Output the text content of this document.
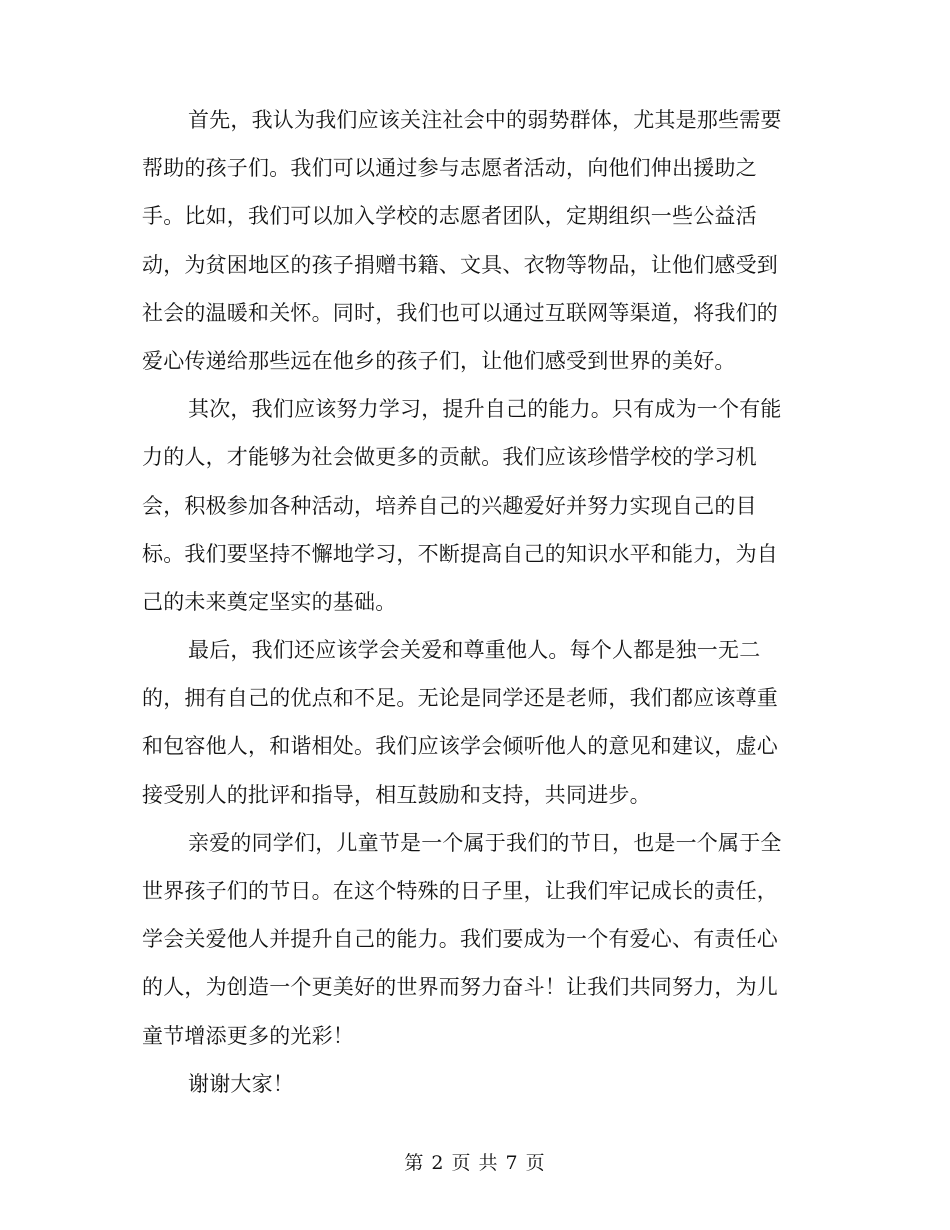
首先，我认为我们应该关注社会中的弱势群体，尤其是那些需要
帮助的孩子们。我们可以通过参与志愿者活动，向他们伸出援助之
手。比如，我们可以加入学校的志愿者团队，定期组织一些公益活
动，为贫困地区的孩子捐赠书籍、文具、衣物等物品，让他们感受到
社会的温暖和关怀。同时，我们也可以通过互联网等渠道，将我们的
爱心传递给那些远在他乡的孩子们，让他们感受到世界的美好。
其次，我们应该努力学习，提升自己的能力。只有成为一个有能
力的人，才能够为社会做更多的贡献。我们应该珍惜学校的学习机
会，积极参加各种活动，培养自己的兴趣爱好并努力实现自己的目
标。我们要坚持不懈地学习，不断提高自己的知识水平和能力，为自
己的未来奠定坚实的基础。
最后，我们还应该学会关爱和尊重他人。每个人都是独一无二
的，拥有自己的优点和不足。无论是同学还是老师，我们都应该尊重
和包容他人，和谐相处。我们应该学会倾听他人的意见和建议，虚心
接受别人的批评和指导，相互鼓励和支持，共同进步。
亲爱的同学们，儿童节是一个属于我们的节日，也是一个属于全
世界孩子们的节日。在这个特殊的日子里，让我们牢记成长的责任，
学会关爱他人并提升自己的能力。我们要成为一个有爱心、有责任心
的人，为创造一个更美好的世界而努力奋斗！让我们共同努力，为儿
童节增添更多的光彩！
谢谢大家！
第 2 页 共 7 页
